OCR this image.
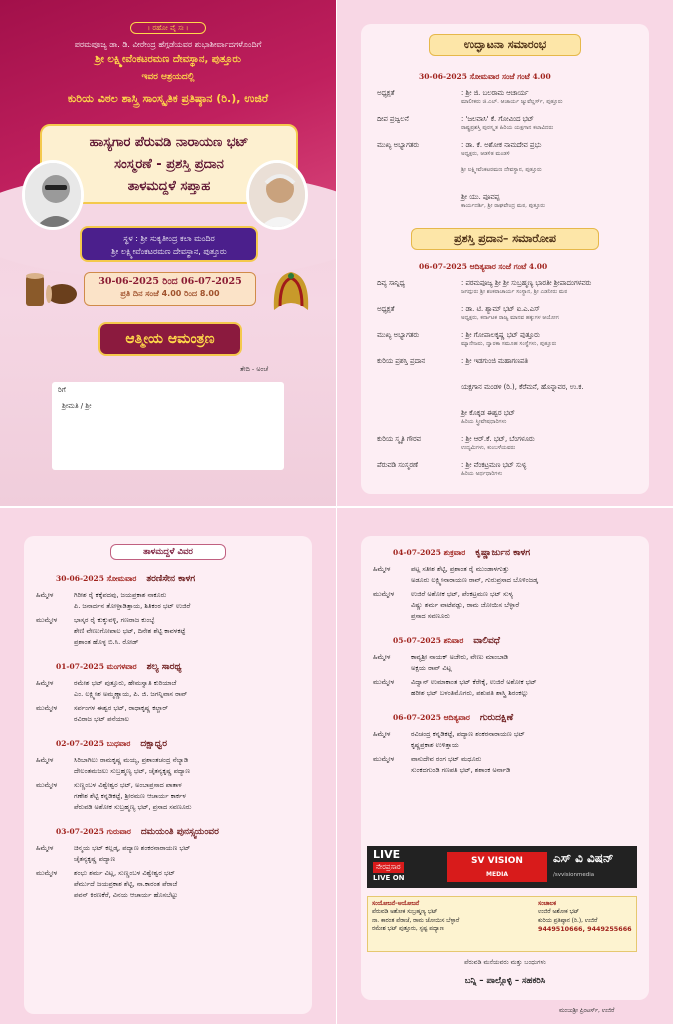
। ರಹೋ ವೈ ಸಃ ।
ಪರಮಪೂಜ್ಯ ಡಾ. ಡಿ. ವೀರೇಂದ್ರ ಹೆಗ್ಗಡೆಯವರ ಶುಭಾಶೀರ್ವಾದಗಳೊಂದಿಗೆ
ಶ್ರೀ ಲಕ್ಷ್ಮೀವೆಂಕಟರಮಣ ದೇವಸ್ಥಾನ, ಪುತ್ತೂರು
ಇವರ ಆಶ್ರಯದಲ್ಲಿ
ಕುರಿಯ ವಿಠಲ ಶಾಸ್ತ್ರಿ ಸಾಂಸ್ಕೃತಿಕ ಪ್ರತಿಷ್ಠಾನ (ರಿ.), ಉಜಿರೆ
ಹಾಸ್ಯಗಾರ ಪೆರುವಡಿ ನಾರಾಯಣ ಭಟ್
ಸಂಸ್ಮರಣೆ - ಪ್ರಶಸ್ತಿ ಪ್ರದಾನ
ತಾಳಮದ್ದಳೆ ಸಪ್ತಾಹ
ಸ್ಥಳ : ಶ್ರೀ ಸುಕೃತೀಂದ್ರ ಕಲಾ ಮಂದಿರ
ಶ್ರೀ ಲಕ್ಷ್ಮೀವೆಂಕಟರಮಣ ದೇವಸ್ಥಾನ, ಪುತ್ತೂರು
30-06-2025 ರಿಂದ 06-07-2025
ಪ್ರತಿ ದಿನ ಸಂಜೆ 4.00 ರಿಂದ 8.00
ಆತ್ಮೀಯ ಆಮಂತ್ರಣ
ತೇದಿ - ಅಂಚೆ
ರಿಗೆ
ಶ್ರೀಮತಿ / ಶ್ರೀ
ಉದ್ಘಾಟನಾ ಸಮಾರಂಭ
30-06-2025 ಸೋಮವಾರ ಸಂಜೆ ಗಂಟೆ 4.00
ಅಧ್ಯಕ್ಷತೆ	: ಶ್ರೀ ಜಿ. ಬಲರಾಮ ಆಚಾರ್ಯ
ಮಾಲೀಕರು ಜಿ.ಎಲ್. ಆಚಾರ್ಯ ಜ್ಯುವೆಲ್ಲರ್ಸ್, ಪುತ್ತೂರು
ದೀಪ ಪ್ರಜ್ವಲನೆ	: 'ಜಲವಾಸಿ' ಕೆ. ಗೋವಿಂದ ಭಟ್
ರಾಷ್ಟ್ರಪ್ರಶಸ್ತಿ ಪುರಸ್ಕೃತ ಹಿರಿಯ ಯಕ್ಷಗಾನ ಕಲಾವಿದರು
ಮುಖ್ಯ ಅಭ್ಯಾಗತರು	: ಡಾ. ಕೆ. ಅಶೋಕ ನಾಮದೇವ ಪ್ರಭು
ಅಧ್ಯಕ್ಷರು, ಆಡಳಿತ ಮಂಡಳಿ
ಶ್ರೀ ಲಕ್ಷ್ಮೀವೆಂಕಟರಮಣ ದೇವಸ್ಥಾನ, ಪುತ್ತೂರು
ಶ್ರೀ ಯು. ಪೂವಪ್ಪ
ಕಾರ್ಯದರ್ಶಿ, ಶ್ರೀ ರಾಘವೇಂದ್ರ ಮಠ, ಪುತ್ತೂರು
ಪ್ರಶಸ್ತಿ ಪ್ರದಾನ– ಸಮಾರೋಪ
06-07-2025 ಆದಿತ್ಯವಾರ ಸಂಜೆ ಗಂಟೆ 4.00
ದಿವ್ಯ ಸಾನ್ನಿಧ್ಯ	: ಪರಮಪೂಜ್ಯ ಶ್ರೀ ಶ್ರೀ ಸುಬ್ರಹ್ಮಣ್ಯ ಭಾರತೀ ಶ್ರೀಪಾದಂಗಳವರು
ಜಗದ್ಗುರು ಶ್ರೀ ಶಂಕರಾಚಾರ್ಯ ಸಂಸ್ಥಾನ, ಶ್ರೀ ಎಡನೀರು ಮಠ
ಅಧ್ಯಕ್ಷತೆ	: ಡಾ. ಟಿ. ಶ್ಯಾಮ್ ಭಟ್ ಐ.ಎ.ಎಸ್
ಅಧ್ಯಕ್ಷರು, ಕರ್ನಾಟಕ ರಾಜ್ಯ ಮಾನವ ಹಕ್ಕುಗಳ ಆಯೋಗ
ಮುಖ್ಯ ಅಭ್ಯಾಗತರು	: ಶ್ರೀ ಗೋಪಾಲಕೃಷ್ಣ ಭಟ್ ಪುತ್ತೂರು
ಮ್ಯಾನೇಜರು, ದ್ವಾರಕಾ ಸಮೂಹ ಸಂಸ್ಥೆಗಳು, ಪುತ್ತೂರು
ಕುರಿಯ ಪ್ರಶಸ್ತಿ ಪ್ರದಾನ	: ಶ್ರೀ ಇಡಗುಂಜಿ ಮಹಾಗಣಪತಿ
ಯಕ್ಷಗಾನ ಮಂಡಳಿ (ರಿ.), ಕೆರೆಮನೆ, ಹೊನ್ನಾವರ, ಉ.ಕ.
ಶ್ರೀ ಕೊಕ್ಕಡ ಈಶ್ವರ ಭಟ್
ಹಿರಿಯ ಸ್ತ್ರೀವೇಷಧಾರಿಗಳು
ಕುರಿಯ ಸ್ಮೃತಿ ಗೌರವ	: ಶ್ರೀ ಆರ್.ಕೆ. ಭಟ್, ಬೆಂಗಳೂರು
ಉದ್ಯಮಿಗಳು, ಕುಂಬಳೆಯವರು
ಪೆರುವಡಿ ಸಂಸ್ಮರಣೆ	: ಶ್ರೀ ವೆಂಕಟ್ರಮಣ ಭಟ್ ಸುಳ್ಯ
ಹಿರಿಯ ಅರ್ಥಧಾರಿಗಳು
ತಾಳಮದ್ದಳೆ ವಿವರ
30-06-2025 ಸೋಮವಾರ ತರಣಿಸೇನ ಕಾಳಗ
ಹಿಮ್ಮೇಳ	ಗಿರೀಶ ರೈ ಕಕ್ಕೆಪದವು, ಜಯಪ್ರಕಾಶ ನಾಕೂರು
ಪಿ. ಜನಾರ್ದನ ತೋಳ್ಪಾಡಿತ್ತಾಯ, ಶಿತಿಕಂಠ ಭಟ್ ಉಜಿರೆ
ಮುಮ್ಮೇಳ	ಭಾಸ್ಕರ ರೈ ಕುಕ್ಕುವಳ್ಳಿ, ಗಣರಾಜ ಕುಂಬ್ಳೆ
ಶೇಣಿ ವೇಣುಗೋಪಾಲ ಭಟ್, ದಿನೇಶ ಶೆಟ್ಟಿ ಕಾವಳಕಟ್ಟೆ
ಪ್ರಶಾಂತ ಹೊಳ್ಳ ಬಿ.ಸಿ. ರೋಡ್
01-07-2025 ಮಂಗಳವಾರ ಶಲ್ಯ ಸಾರಥ್ಯ
ಹಿಮ್ಮೇಳ	ರಮೇಶ ಭಟ್ ಪುತ್ತೂರು, ಹೇಮಸ್ವಾತಿ ಕುರಿಯಾಜೆ
ಎಂ. ಲಕ್ಷ್ಮೀಶ ಅಮ್ಮಣ್ಣಾಯ, ಪಿ. ಜಿ. ಜಗನ್ನಿವಾಸ ರಾವ್
ಮುಮ್ಮೇಳ	ಸರ್ಪಂಗಳ ಈಶ್ವರ ಭಟ್, ರಾಧಾಕೃಷ್ಣ ಕಲ್ಚಾರ್
ರವಿರಾಜ ಭಟ್ ಪನೆಯಾಲ
02-07-2025 ಬುಧವಾರ ದಕ್ಷಾಧ್ವರ
ಹಿಮ್ಮೇಳ	ಸಿರಿಬಾಗಿಲು ರಾಮಕೃಷ್ಣ ಮಯ್ಯ, ಪ್ರಶಾಂತಚಂದ್ರ ನೆಲ್ಯಾಡಿ
ದೇಲಂತಮಜಲು ಸುಬ್ರಹ್ಮಣ್ಯ ಭಟ್, ಚೈತನ್ಯಕೃಷ್ಣ ಪದ್ಯಾಣ
ಮುಮ್ಮೇಳ	ಸುಣ್ಣಂಬಳ ವಿಶ್ವೇಶ್ವರ ಭಟ್, ಅಂಬಾಪ್ರಸಾದ ಪಾತಾಳ
ಗಣೇಶ ಶೆಟ್ಟಿ ಕನ್ನಡಿಕಟ್ಟೆ, ಶ್ರೀರಮಣ ಆಚಾರ್ಯ ಕಾರ್ಕಳ
ಪೆರುವಡಿ ಅಶೋಕ ಸುಬ್ರಹ್ಮಣ್ಯ ಭಟ್, ಪ್ರಸಾದ ಸವಣೂರು
03-07-2025 ಗುರುವಾರ ದಮಯಂತಿ ಪುನಸ್ಸ್ವಯಂವರ
ಹಿಮ್ಮೇಳ	ಚಿನ್ಮಯ ಭಟ್ ಕಲ್ಲಡ್ಕ, ಪದ್ಯಾಣ ಶಂಕರನಾರಾಯಣ ಭಟ್
ಚೈತನ್ಯಕೃಷ್ಣ ಪದ್ಯಾಣ
ಮುಮ್ಮೇಳ	ಶಂಭು ಶರ್ಮ ವಿಟ್ಲ, ಸುಣ್ಣಂಬಳ ವಿಶ್ವೇಶ್ವರ ಭಟ್
ಪೆರ್ಮುದೆ ಜಯಪ್ರಕಾಶ ಶೆಟ್ಟಿ, ನಾ.ಕಾರಂತ ಪೆರಾಜೆ
ಪವನ್ ಕಿರಣಕೆರೆ, ವಿನಯ ಆಚಾರ್ಯ ಹೊಸಬೆಟ್ಟು
04-07-2025 ಶುಕ್ರವಾರ ಕೃಷ್ಣಾರ್ಜುನ ಕಾಳಗ
ಹಿಮ್ಮೇಳ	ಪಟ್ಲ ಸತೀಶ ಶೆಟ್ಟಿ, ಪ್ರಶಾಂತ ರೈ ಮುಂಡಾಳಗುತ್ತು
ಅಡೂರು ಲಕ್ಷ್ಮೀನಾರಾಯಣ ರಾವ್, ಗುರುಪ್ರಸಾದ ಬೊಳಿಂಜಡ್ಕ
ಮುಮ್ಮೇಳ	ಉಜಿರೆ ಅಶೋಕ ಭಟ್, ಪೆಂಕಟ್ರಮಣ ಭಟ್ ಸುಳ್ಯ
ವಿಷ್ಣು ಶರ್ಮ ವಾಟೆಪಡ್ಪು, ರಾಮ ಜೋಯಿಸ ಬೆಳ್ಳಾರೆ
ಪ್ರಸಾದ ಸವಣೂರು
05-07-2025 ಶನಿವಾರ ವಾಲಿವಧೆ
ಹಿಮ್ಮೇಳ	ಕಾವ್ಯಶ್ರೀ ನಾಯಕ್ ಅಜೇರು, ವೇಣು ಮಾಂಬಾಡಿ
ಅಕ್ಷಯ ರಾವ್ ವಿಟ್ಲ
ಮುಮ್ಮೇಳ	ವಿದ್ವಾನ್ ಉಮಾಕಾಂತ ಭಟ್ ಕೆರೇಕೈ, ಉಜಿರೆ ಅಶೋಕ ಭಟ್
ಹರೀಶ ಭಟ್ ಬಳಂತಿಮೊಗರು, ಪಶುಪತಿ ಶಾಸ್ತ್ರಿ ಶಿರಂಕಲ್ಲು
06-07-2025 ಆದಿತ್ಯವಾರ ಗುರುದಕ್ಷಿಣೆ
ಹಿಮ್ಮೇಳ	ರವಿಚಂದ್ರ ಕನ್ನಡಿಕಟ್ಟೆ, ಪದ್ಯಾಣ ಶಂಕರನಾರಾಯಣ ಭಟ್
ಕೃಷ್ಣಪ್ರಕಾಶ ಉಳಿತ್ತಾಯ
ಮುಮ್ಮೇಳ	ವಾಸುದೇವ ರಂಗ ಭಟ್ ಮಧೂರು
ಸುಂಕದಗುಂಡಿ ಗಣಪತಿ ಭಟ್, ಶಶಾಂಕ ಅರ್ನಾಡಿ
LIVE
ನೇರಪ್ರಸಾರ
LIVE ON
SV VISION
MEDIA
ಎಸ್ ವಿ ವಿಷನ್
/svvisionmedia
ಸಂಯೋಜನೆ–ಆಯೋಜನೆ
ಪೆರುವಡಿ ಅಶೋಕ ಸುಬ್ರಹ್ಮಣ್ಯ ಭಟ್
ನಾ. ಕಾರಂತ ಪೆರಾಜೆ, ರಾಮ ಜೋಯಿಸ ಬೆಳ್ಳಾರೆ
ರಮೇಶ ಭಟ್ ಪುತ್ತೂರು, ಸ್ಪಷ್ಟ ಪದ್ಯಾಣ
ಸಂಚಾಲಕ
ಉಜಿರೆ ಅಶೋಕ ಭಟ್
ಕುರಿಯ ಪ್ರತಿಷ್ಠಾನ (ರಿ.), ಉಜಿರೆ
9449510666, 9449255666
ಪೆರುವಡಿ ಮನೆಯವರು ಮತ್ತು ಬಂಧುಗಳು
ಬನ್ನಿ – ಪಾಲ್ಗೊಳ್ಳಿ – ಸಹಕರಿಸಿ
ಮಂಜುಶ್ರೀ ಪ್ರಿಂಟರ್ಸ್, ಉಜಿರೆ
